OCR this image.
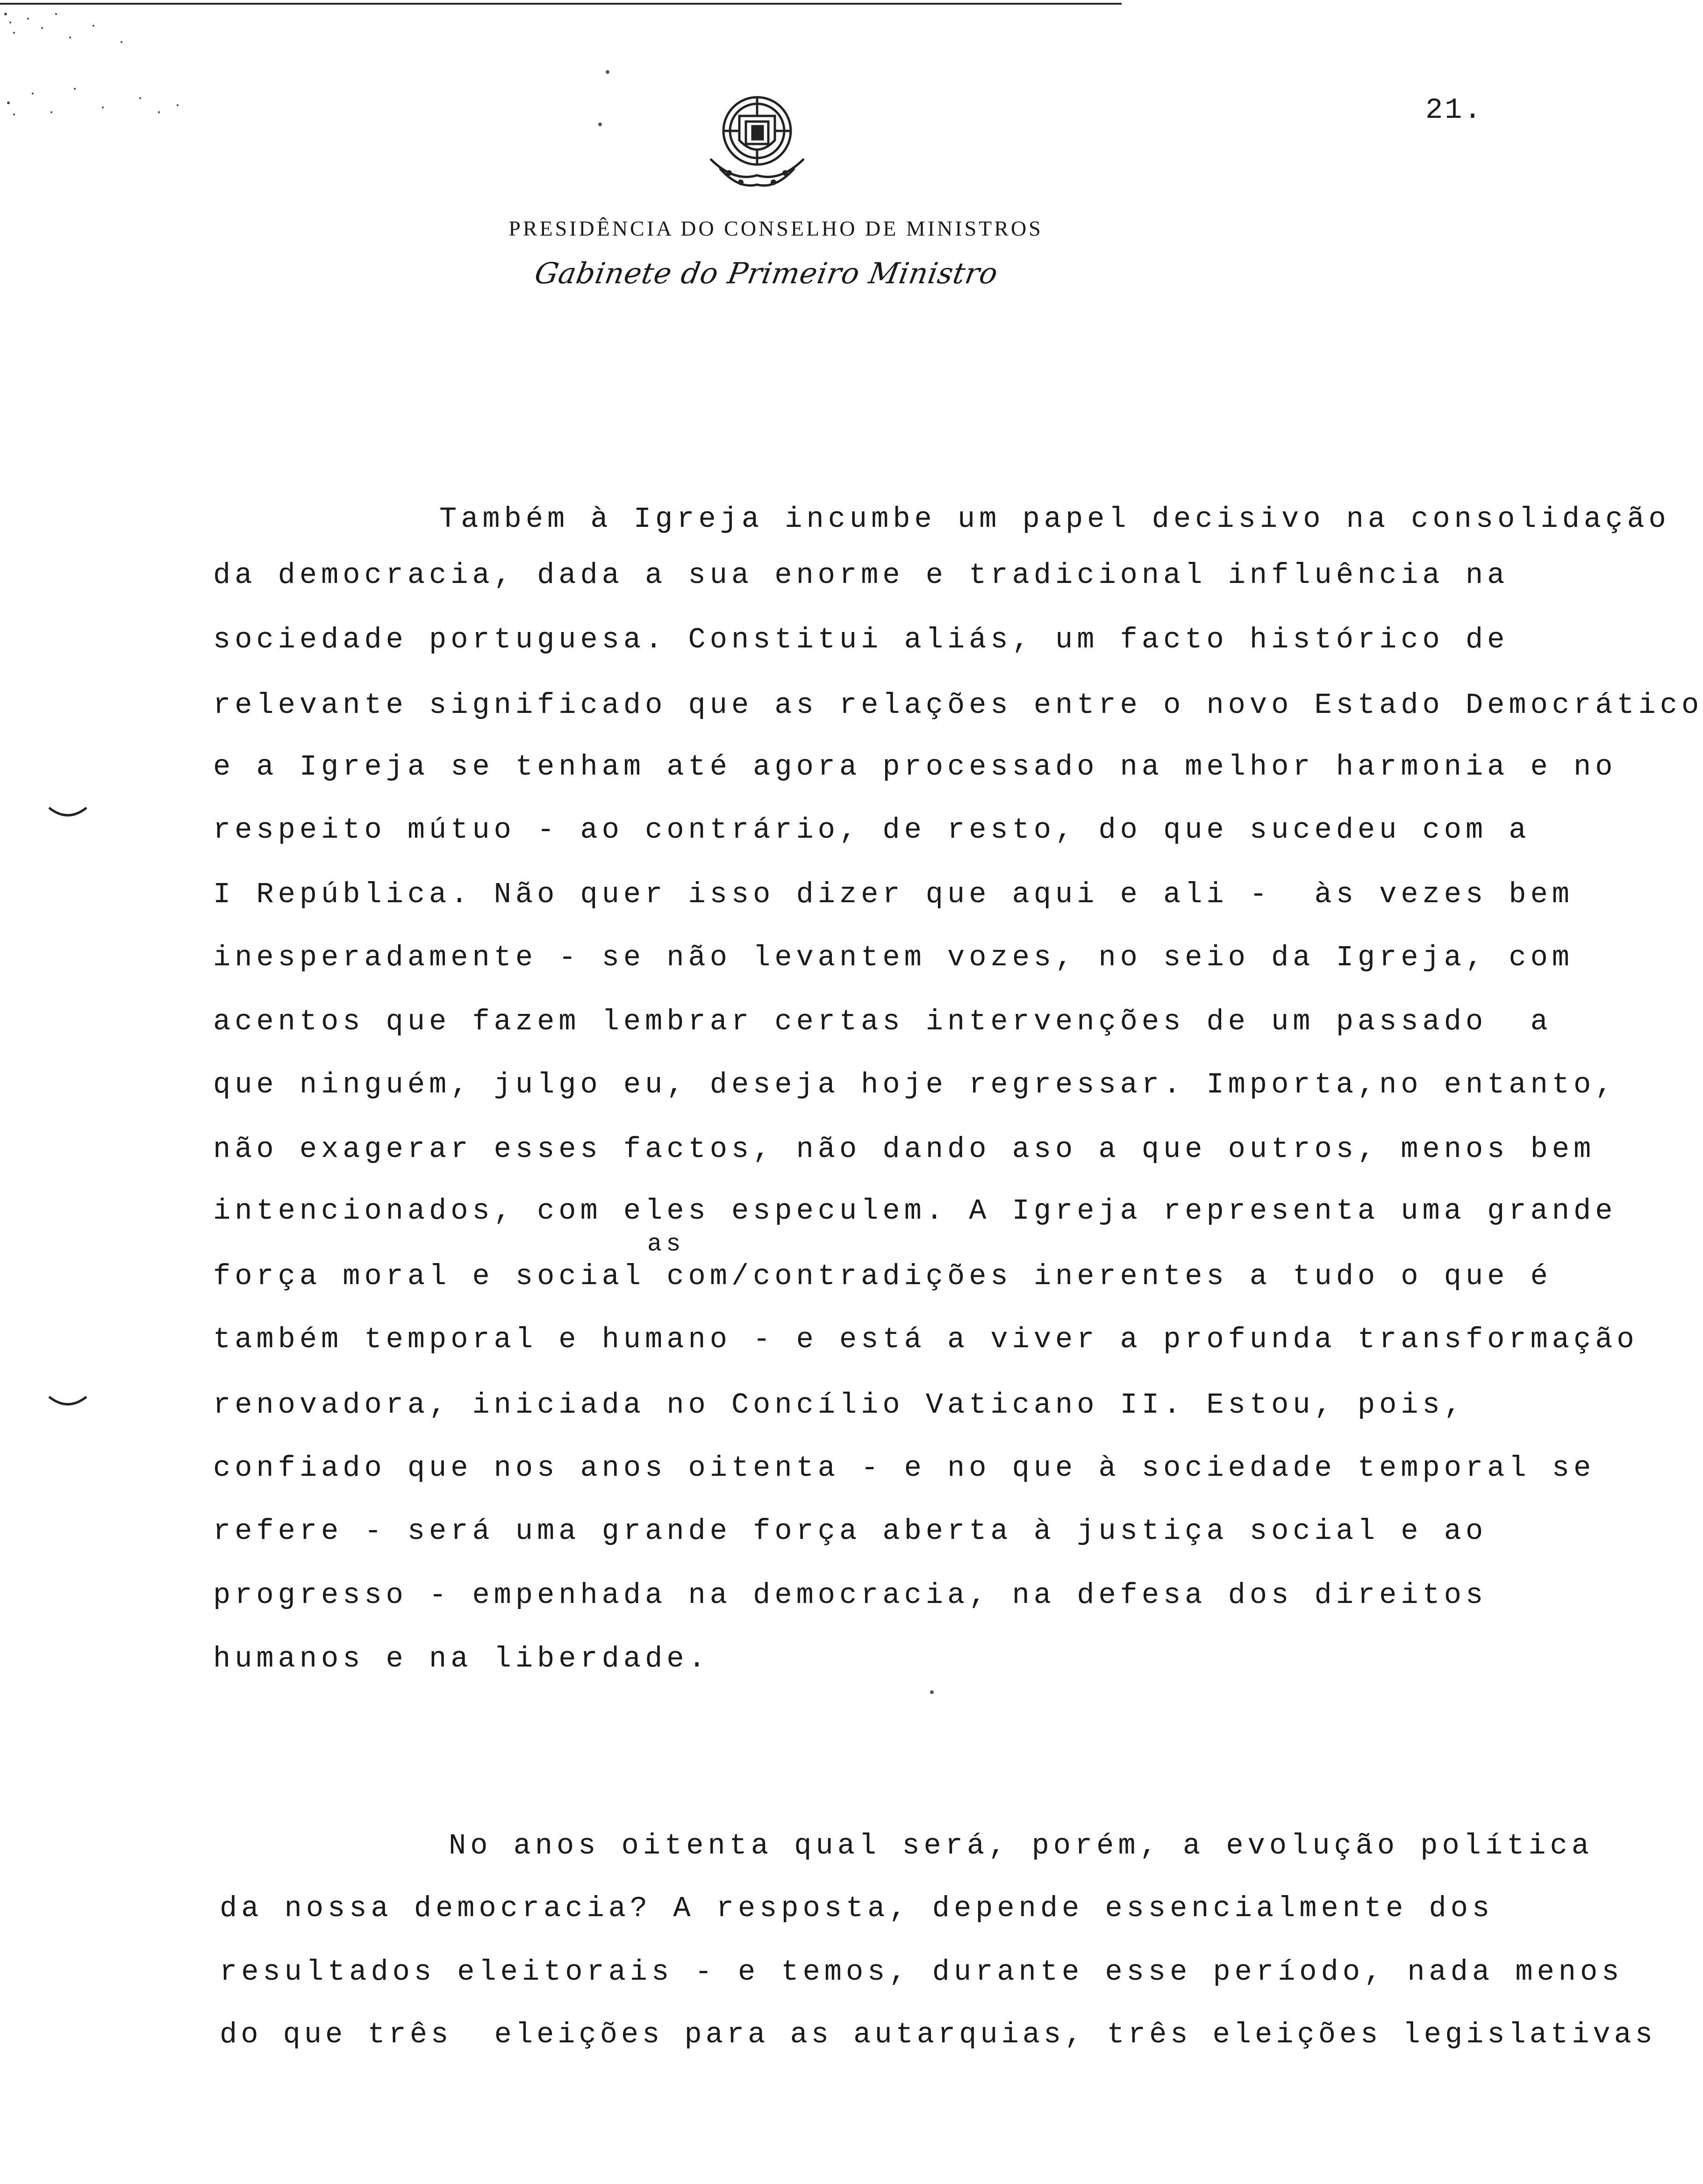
21.
PRESIDÊNCIA DO CONSELHO DE MINISTROS
Gabinete do Primeiro Ministro
Também à Igreja incumbe um papel decisivo na consolidação
da democracia, dada a sua enorme e tradicional influência na
sociedade portuguesa. Constitui aliás, um facto histórico de
relevante significado que as relações entre o novo Estado Democrático
e a Igreja se tenham até agora processado na melhor harmonia e no
respeito mútuo - ao contrário, de resto, do que sucedeu com a
I República. Não quer isso dizer que aqui e ali -  às vezes bem
inesperadamente - se não levantem vozes, no seio da Igreja, com
acentos que fazem lembrar certas intervenções de um passado  a
que ninguém, julgo eu, deseja hoje regressar. Importa,no entanto,
não exagerar esses factos, não dando aso a que outros, menos bem
intencionados, com eles especulem. A Igreja representa uma grande
as
força moral e social com/contradições inerentes a tudo o que é
também temporal e humano - e está a viver a profunda transformação
renovadora, iniciada no Concílio Vaticano II. Estou, pois,
confiado que nos anos oitenta - e no que à sociedade temporal se
refere - será uma grande força aberta à justiça social e ao
progresso - empenhada na democracia, na defesa dos direitos
humanos e na liberdade.
No anos oitenta qual será, porém, a evolução política
da nossa democracia? A resposta, depende essencialmente dos
resultados eleitorais - e temos, durante esse período, nada menos
do que três  eleições para as autarquias, três eleições legislativas
